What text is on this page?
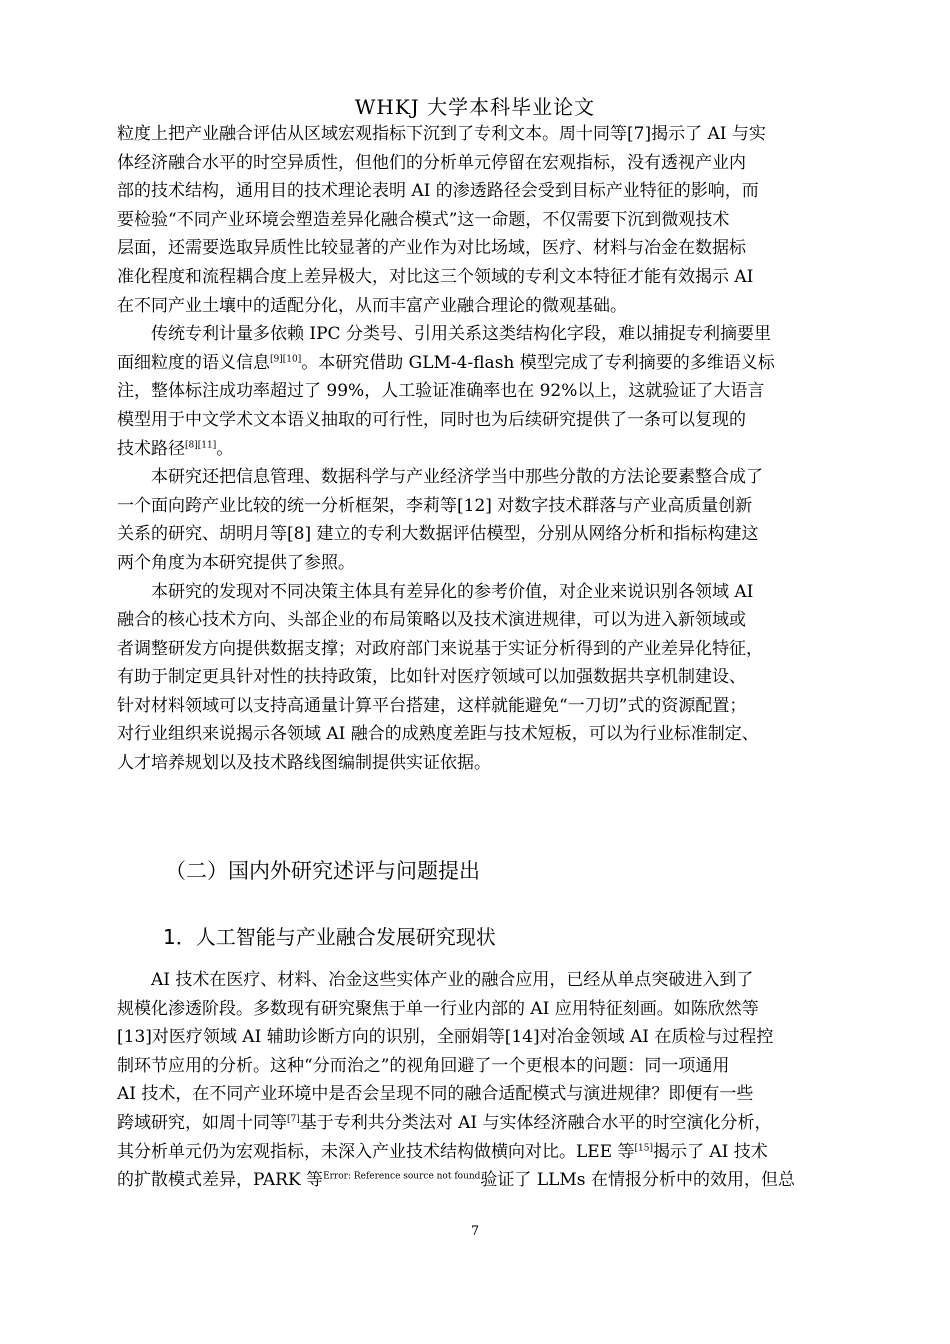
WHKJ 大学本科毕业论文
粒度上把产业融合评估从区域宏观指标下沉到了专利文本。周十同等[7]揭示了 AI 与实
体经济融合水平的时空异质性，但他们的分析单元停留在宏观指标，没有透视产业内
部的技术结构，通用目的技术理论表明 AI 的渗透路径会受到目标产业特征的影响，而
要检验“不同产业环境会塑造差异化融合模式”这一命题，不仅需要下沉到微观技术
层面，还需要选取异质性比较显著的产业作为对比场域，医疗、材料与冶金在数据标
准化程度和流程耦合度上差异极大，对比这三个领域的专利文本特征才能有效揭示 AI
在不同产业土壤中的适配分化，从而丰富产业融合理论的微观基础。
传统专利计量多依赖 IPC 分类号、引用关系这类结构化字段，难以捕捉专利摘要里
面细粒度的语义信息[9][10]。本研究借助 GLM-4-flash 模型完成了专利摘要的多维语义标
注，整体标注成功率超过了 99%，人工验证准确率也在 92%以上，这就验证了大语言
模型用于中文学术文本语义抽取的可行性，同时也为后续研究提供了一条可以复现的
技术路径[8][11]。
本研究还把信息管理、数据科学与产业经济学当中那些分散的方法论要素整合成了
一个面向跨产业比较的统一分析框架，李莉等[12] 对数字技术群落与产业高质量创新
关系的研究、胡明月等[8] 建立的专利大数据评估模型，分别从网络分析和指标构建这
两个角度为本研究提供了参照。
本研究的发现对不同决策主体具有差异化的参考价值，对企业来说识别各领域 AI
融合的核心技术方向、头部企业的布局策略以及技术演进规律，可以为进入新领域或
者调整研发方向提供数据支撑；对政府部门来说基于实证分析得到的产业差异化特征，
有助于制定更具针对性的扶持政策，比如针对医疗领域可以加强数据共享机制建设、
针对材料领域可以支持高通量计算平台搭建，这样就能避免“一刀切”式的资源配置；
对行业组织来说揭示各领域 AI 融合的成熟度差距与技术短板，可以为行业标准制定、
人才培养规划以及技术路线图编制提供实证依据。
（二）国内外研究述评与问题提出
1．人工智能与产业融合发展研究现状
AI 技术在医疗、材料、冶金这些实体产业的融合应用，已经从单点突破进入到了
规模化渗透阶段。多数现有研究聚焦于单一行业内部的 AI 应用特征刻画。如陈欣然等
[13]对医疗领域 AI 辅助诊断方向的识别，全丽娟等[14]对冶金领域 AI 在质检与过程控
制环节应用的分析。这种“分而治之”的视角回避了一个更根本的问题：同一项通用
AI 技术，在不同产业环境中是否会呈现不同的融合适配模式与演进规律？即便有一些
跨域研究，如周十同等[7]基于专利共分类法对 AI 与实体经济融合水平的时空演化分析，
其分析单元仍为宏观指标，未深入产业技术结构做横向对比。LEE 等[15]揭示了 AI 技术
的扩散模式差异，PARK 等$^{Error: Reference source not found}$验证了 LLMs 在情报分析中的效用，但总
7
